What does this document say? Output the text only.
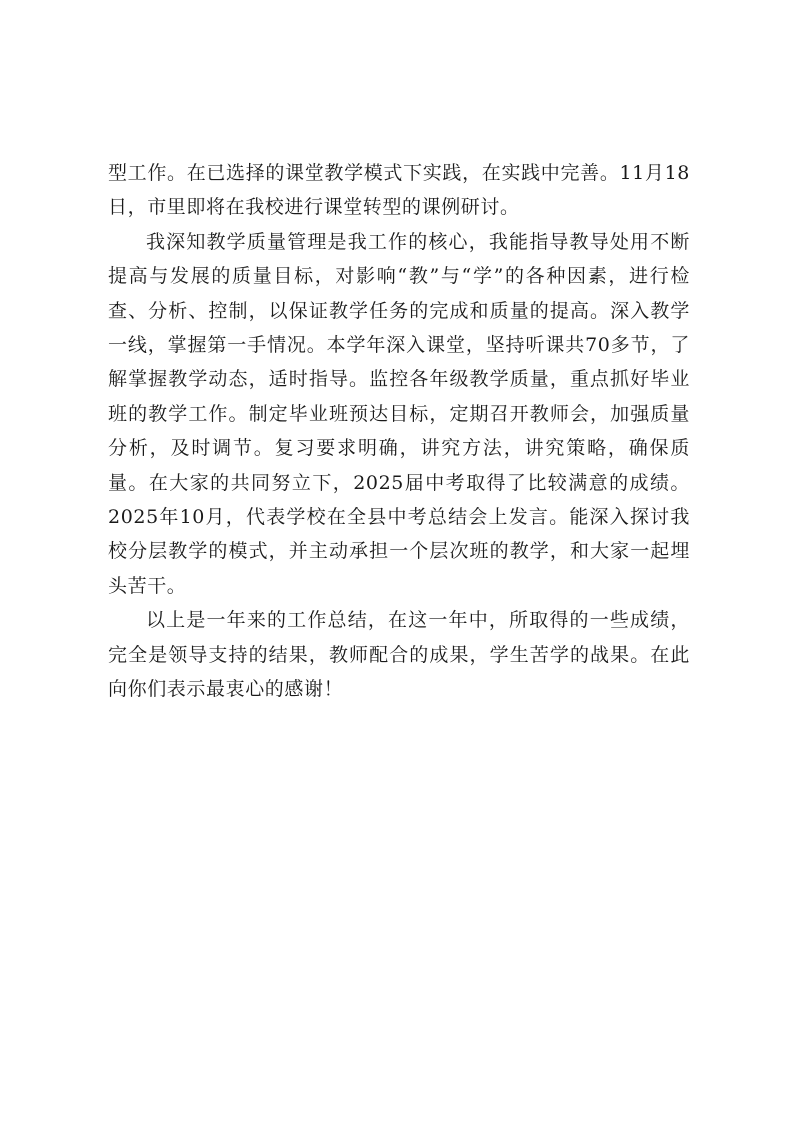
型工作。在已选择的课堂教学模式下实践，在实践中完善。11月18日，市里即将在我校进行课堂转型的课例研讨。

我深知教学质量管理是我工作的核心，我能指导教导处用不断提高与发展的质量目标，对影响“教”与“学”的各种因素，进行检查、分析、控制，以保证教学任务的完成和质量的提高。深入教学一线，掌握第一手情况。本学年深入课堂，坚持听课共70多节，了解掌握教学动态，适时指导。监控各年级教学质量，重点抓好毕业班的教学工作。制定毕业班预达目标，定期召开教师会，加强质量分析，及时调节。复习要求明确，讲究方法，讲究策略，确保质量。在大家的共同努立下，2025届中考取得了比较满意的成绩。2025年10月，代表学校在全县中考总结会上发言。能深入探讨我校分层教学的模式，并主动承担一个层次班的教学，和大家一起埋头苦干。

以上是一年来的工作总结，在这一年中，所取得的一些成绩，完全是领导支持的结果，教师配合的成果，学生苦学的战果。在此向你们表示最衷心的感谢！
